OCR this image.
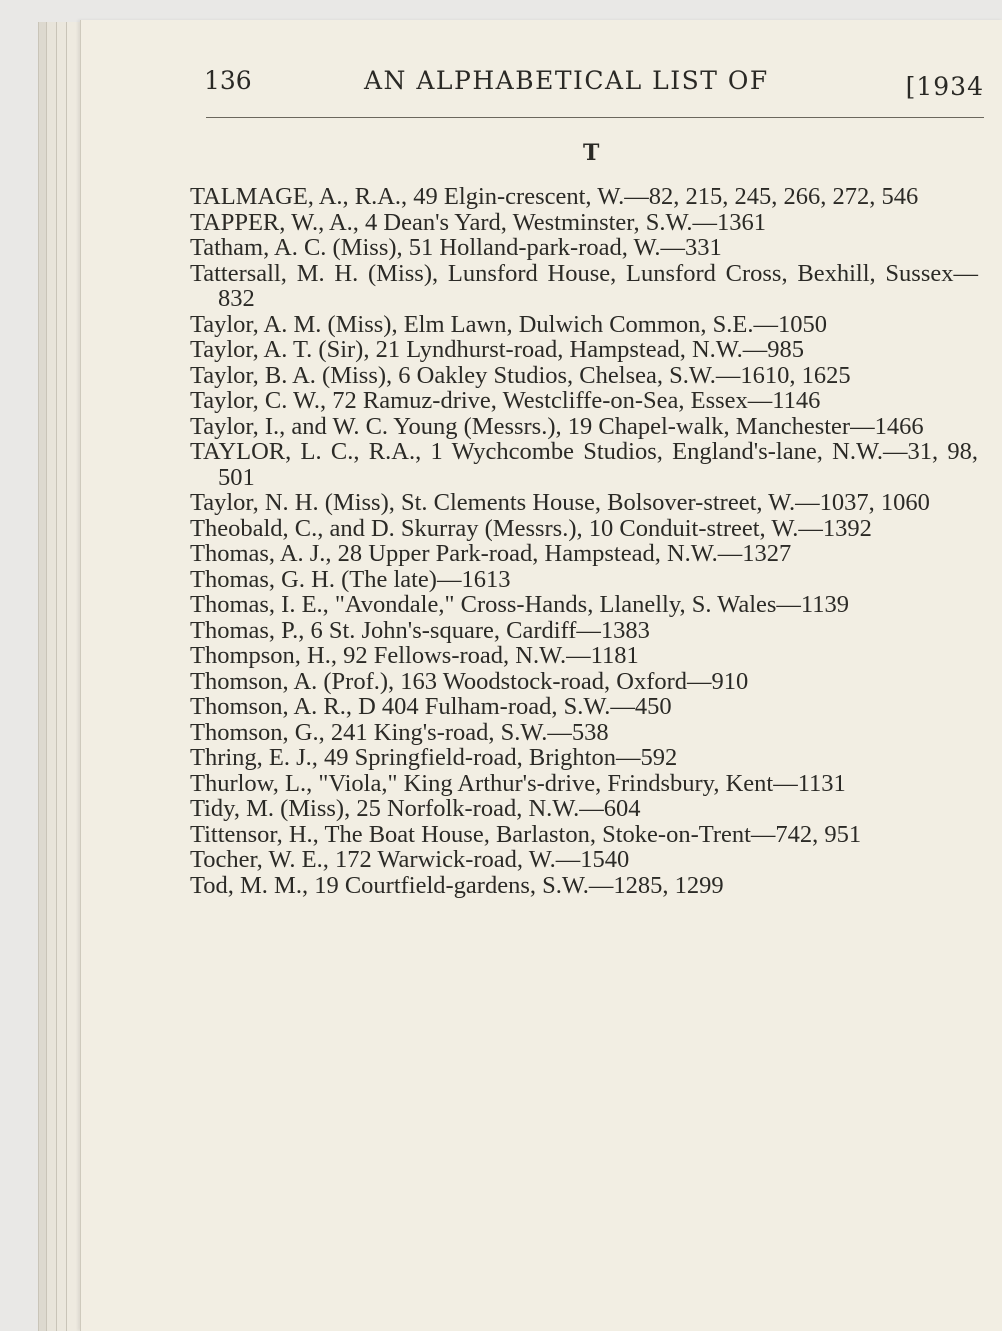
136	AN ALPHABETICAL LIST OF	[1934
T

TALMAGE, A., R.A., 49 Elgin-crescent, W.—82, 215, 245, 266, 272, 546

TAPPER, W., A., 4 Dean's Yard, Westminster, S.W.—1361

Tatham, A. C. (Miss), 51 Holland-park-road, W.—331

Tattersall, M. H. (Miss), Lunsford House, Lunsford Cross, Bexhill, Sussex—832

Taylor, A. M. (Miss), Elm Lawn, Dulwich Common, S.E.—1050

Taylor, A. T. (Sir), 21 Lyndhurst-road, Hampstead, N.W.—985

Taylor, B. A. (Miss), 6 Oakley Studios, Chelsea, S.W.—1610, 1625

Taylor, C. W., 72 Ramuz-drive, Westcliffe-on-Sea, Essex—1146

Taylor, I., and W. C. Young (Messrs.), 19 Chapel-walk, Manchester—1466

TAYLOR, L. C., R.A., 1 Wychcombe Studios, England's-lane, N.W.—31, 98, 501

Taylor, N. H. (Miss), St. Clements House, Bolsover-street, W.—1037, 1060

Theobald, C., and D. Skurray (Messrs.), 10 Conduit-street, W.—1392

Thomas, A. J., 28 Upper Park-road, Hampstead, N.W.—1327

Thomas, G. H. (The late)—1613

Thomas, I. E., "Avondale," Cross-Hands, Llanelly, S. Wales—1139

Thomas, P., 6 St. John's-square, Cardiff—1383

Thompson, H., 92 Fellows-road, N.W.—1181

Thomson, A. (Prof.), 163 Woodstock-road, Oxford—910

Thomson, A. R., D 404 Fulham-road, S.W.—450

Thomson, G., 241 King's-road, S.W.—538

Thring, E. J., 49 Springfield-road, Brighton—592

Thurlow, L., "Viola," King Arthur's-drive, Frindsbury, Kent—1131

Tidy, M. (Miss), 25 Norfolk-road, N.W.—604

Tittensor, H., The Boat House, Barlaston, Stoke-on-Trent—742, 951

Tocher, W. E., 172 Warwick-road, W.—1540

Tod, M. M., 19 Courtfield-gardens, S.W.—1285, 1299
